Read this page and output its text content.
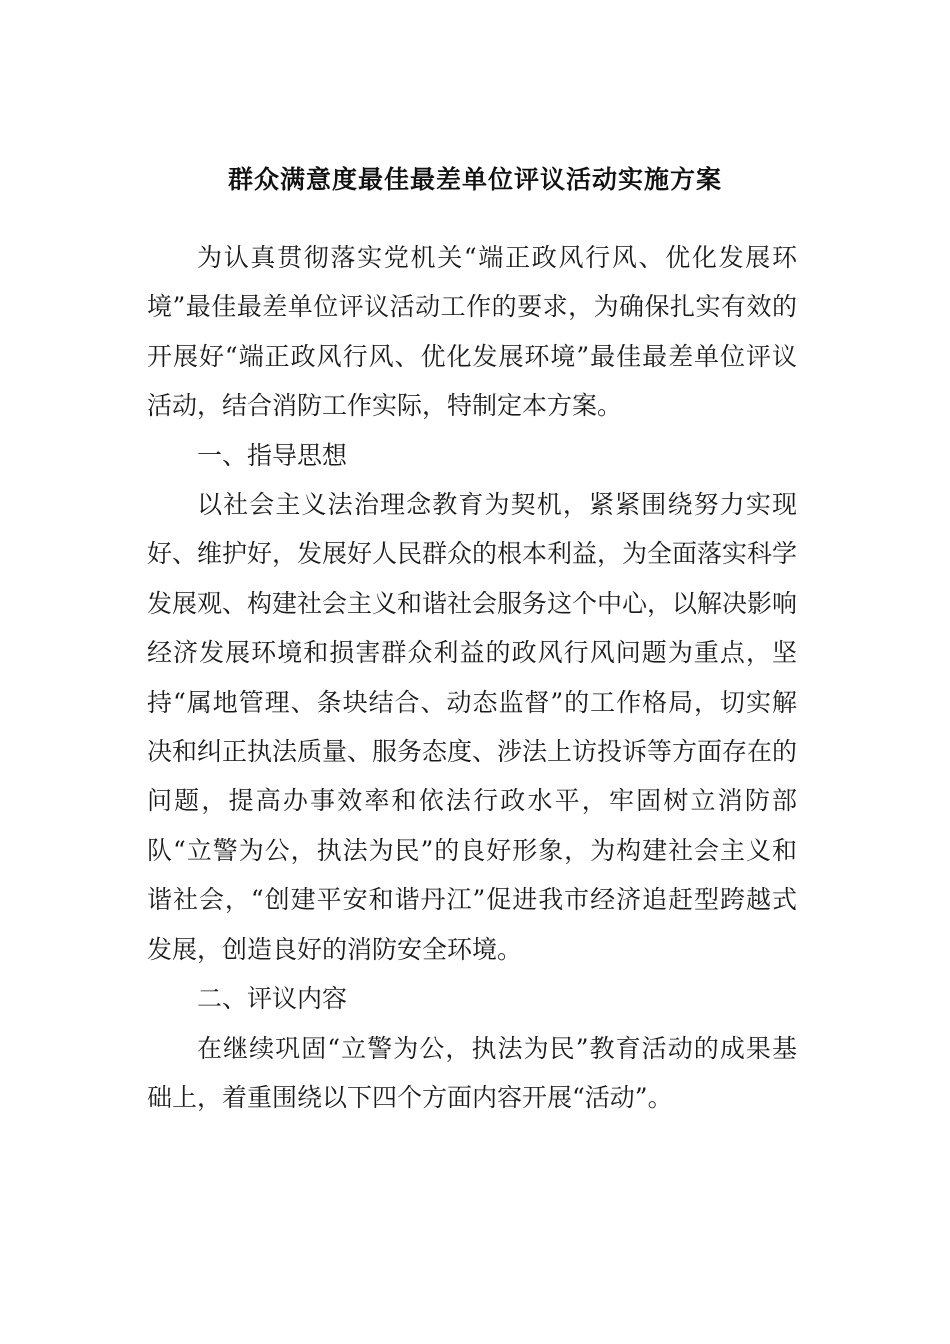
群众满意度最佳最差单位评议活动实施方案

为认真贯彻落实党机关“端正政风行风、优化发展环境”最佳最差单位评议活动工作的要求，为确保扎实有效的开展好“端正政风行风、优化发展环境”最佳最差单位评议活动，结合消防工作实际，特制定本方案。

一、指导思想

以社会主义法治理念教育为契机，紧紧围绕努力实现好、维护好，发展好人民群众的根本利益，为全面落实科学发展观、构建社会主义和谐社会服务这个中心，以解决影响经济发展环境和损害群众利益的政风行风问题为重点，坚持“属地管理、条块结合、动态监督”的工作格局，切实解决和纠正执法质量、服务态度、涉法上访投诉等方面存在的问题，提高办事效率和依法行政水平，牢固树立消防部队“立警为公，执法为民”的良好形象，为构建社会主义和谐社会，“创建平安和谐丹江”促进我市经济追赶型跨越式发展，创造良好的消防安全环境。

二、评议内容

在继续巩固“立警为公，执法为民”教育活动的成果基础上，着重围绕以下四个方面内容开展“活动”。
